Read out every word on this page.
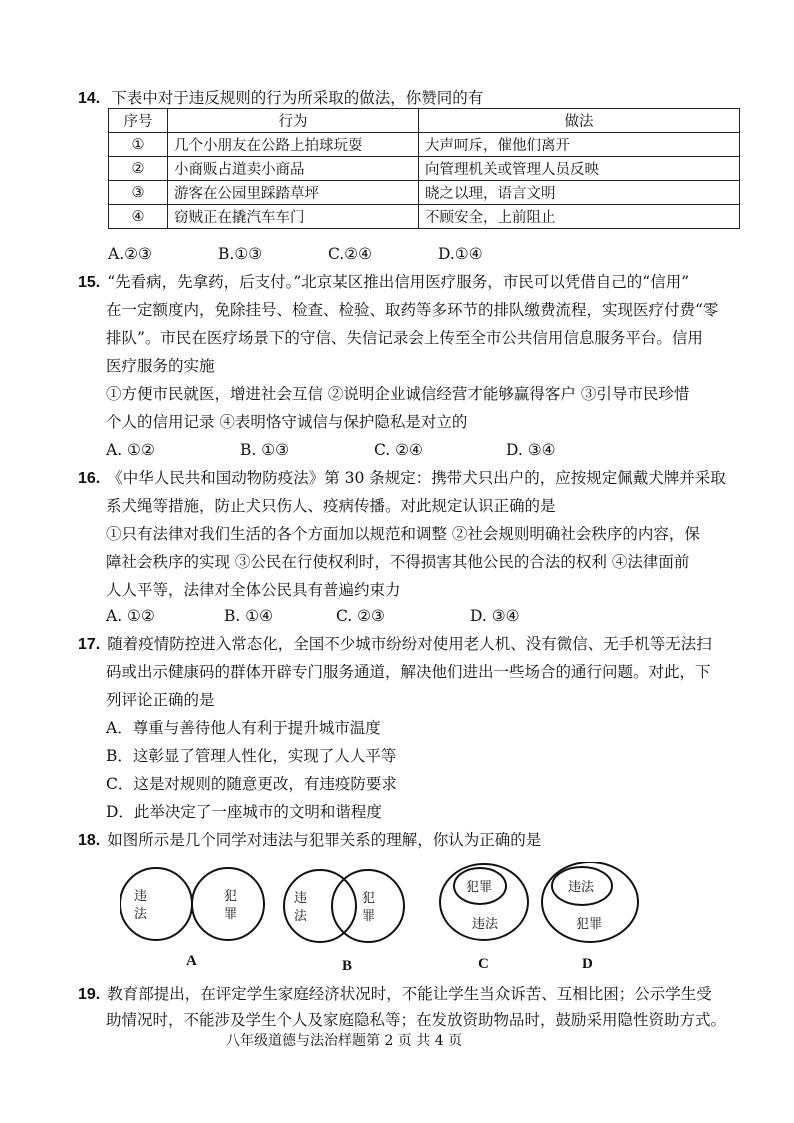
14. 下表中对于违反规则的行为所采取的做法，你赞同的有
序号	行为	做法
①	几个小朋友在公路上拍球玩耍	大声呵斥，催他们离开
②	小商贩占道卖小商品	向管理机关或管理人员反映
③	游客在公园里踩踏草坪	晓之以理，语言文明
④	窃贼正在撬汽车车门	不顾安全，上前阻止
A.②③	B.①③	C.②④	D.①④
15. “先看病，先拿药，后支付。”北京某区推出信用医疗服务，市民可以凭借自己的“信用”
在一定额度内，免除挂号、检查、检验、取药等多环节的排队缴费流程，实现医疗付费“零
排队”。市民在医疗场景下的守信、失信记录会上传至全市公共信用信息服务平台。信用
医疗服务的实施
①方便市民就医，增进社会互信 ②说明企业诚信经营才能够赢得客户 ③引导市民珍惜
个人的信用记录 ④表明恪守诚信与保护隐私是对立的
A. ①②	B. ①③	C. ②④	D. ③④
16. 《中华人民共和国动物防疫法》第 30 条规定：携带犬只出户的，应按规定佩戴犬牌并采取
系犬绳等措施，防止犬只伤人、疫病传播。对此规定认识正确的是
①只有法律对我们生活的各个方面加以规范和调整 ②社会规则明确社会秩序的内容，保
障社会秩序的实现 ③公民在行使权利时，不得损害其他公民的合法的权利 ④法律面前
人人平等，法律对全体公民具有普遍约束力
A. ①②	B. ①④	C. ②③	D. ③④
17. 随着疫情防控进入常态化，全国不少城市纷纷对使用老人机、没有微信、无手机等无法扫
码或出示健康码的群体开辟专门服务通道，解决他们进出一些场合的通行问题。对此，下
列评论正确的是
A．尊重与善待他人有利于提升城市温度
B．这彰显了管理人性化，实现了人人平等
C．这是对规则的随意更改，有违疫防要求
D．此举决定了一座城市的文明和谐程度
18. 如图所示是几个同学对违法与犯罪关系的理解，你认为正确的是
违
法
犯
罪
违
法
犯
罪
犯罪
违法
违法
犯罪
A	B	C	D
19. 教育部提出，在评定学生家庭经济状况时，不能让学生当众诉苦、互相比困；公示学生受
助情况时，不能涉及学生个人及家庭隐私等；在发放资助物品时，鼓励采用隐性资助方式。
八年级道德与法治样题第 2 页 共 4 页
